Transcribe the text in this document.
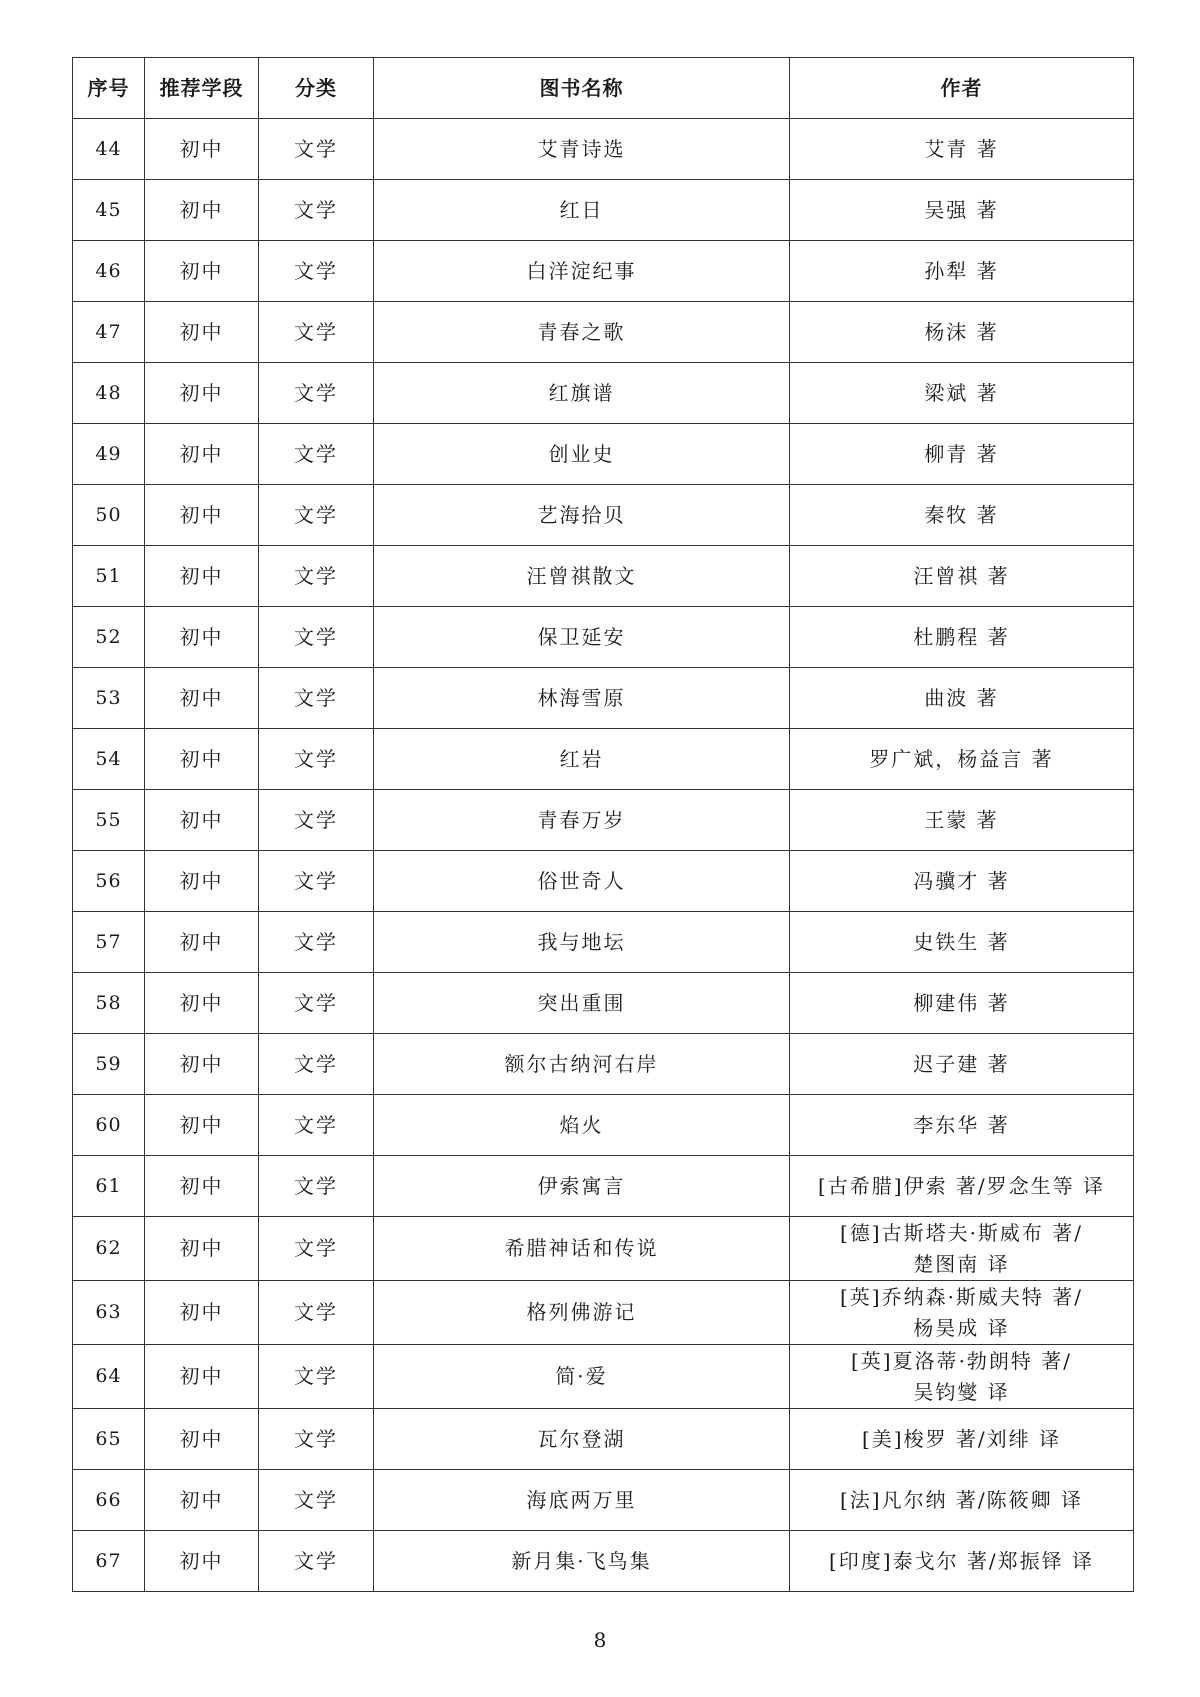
序号	推荐学段	分类	图书名称	作者
44	初中	文学	艾青诗选	艾青 著
45	初中	文学	红日	吴强 著
46	初中	文学	白洋淀纪事	孙犁 著
47	初中	文学	青春之歌	杨沫 著
48	初中	文学	红旗谱	梁斌 著
49	初中	文学	创业史	柳青 著
50	初中	文学	艺海拾贝	秦牧 著
51	初中	文学	汪曾祺散文	汪曾祺 著
52	初中	文学	保卫延安	杜鹏程 著
53	初中	文学	林海雪原	曲波 著
54	初中	文学	红岩	罗广斌，杨益言 著
55	初中	文学	青春万岁	王蒙 著
56	初中	文学	俗世奇人	冯骥才 著
57	初中	文学	我与地坛	史铁生 著
58	初中	文学	突出重围	柳建伟 著
59	初中	文学	额尔古纳河右岸	迟子建 著
60	初中	文学	焰火	李东华 著
61	初中	文学	伊索寓言	[古希腊]伊索 著/罗念生等 译
62	初中	文学	希腊神话和传说	[德]古斯塔夫·斯威布 著/
楚图南 译
63	初中	文学	格列佛游记	[英]乔纳森·斯威夫特 著/
杨昊成 译
64	初中	文学	简·爱	[英]夏洛蒂·勃朗特 著/
吴钧燮 译
65	初中	文学	瓦尔登湖	[美]梭罗 著/刘绯 译
66	初中	文学	海底两万里	[法]凡尔纳 著/陈筱卿 译
67	初中	文学	新月集·飞鸟集	[印度]泰戈尔 著/郑振铎 译
8
